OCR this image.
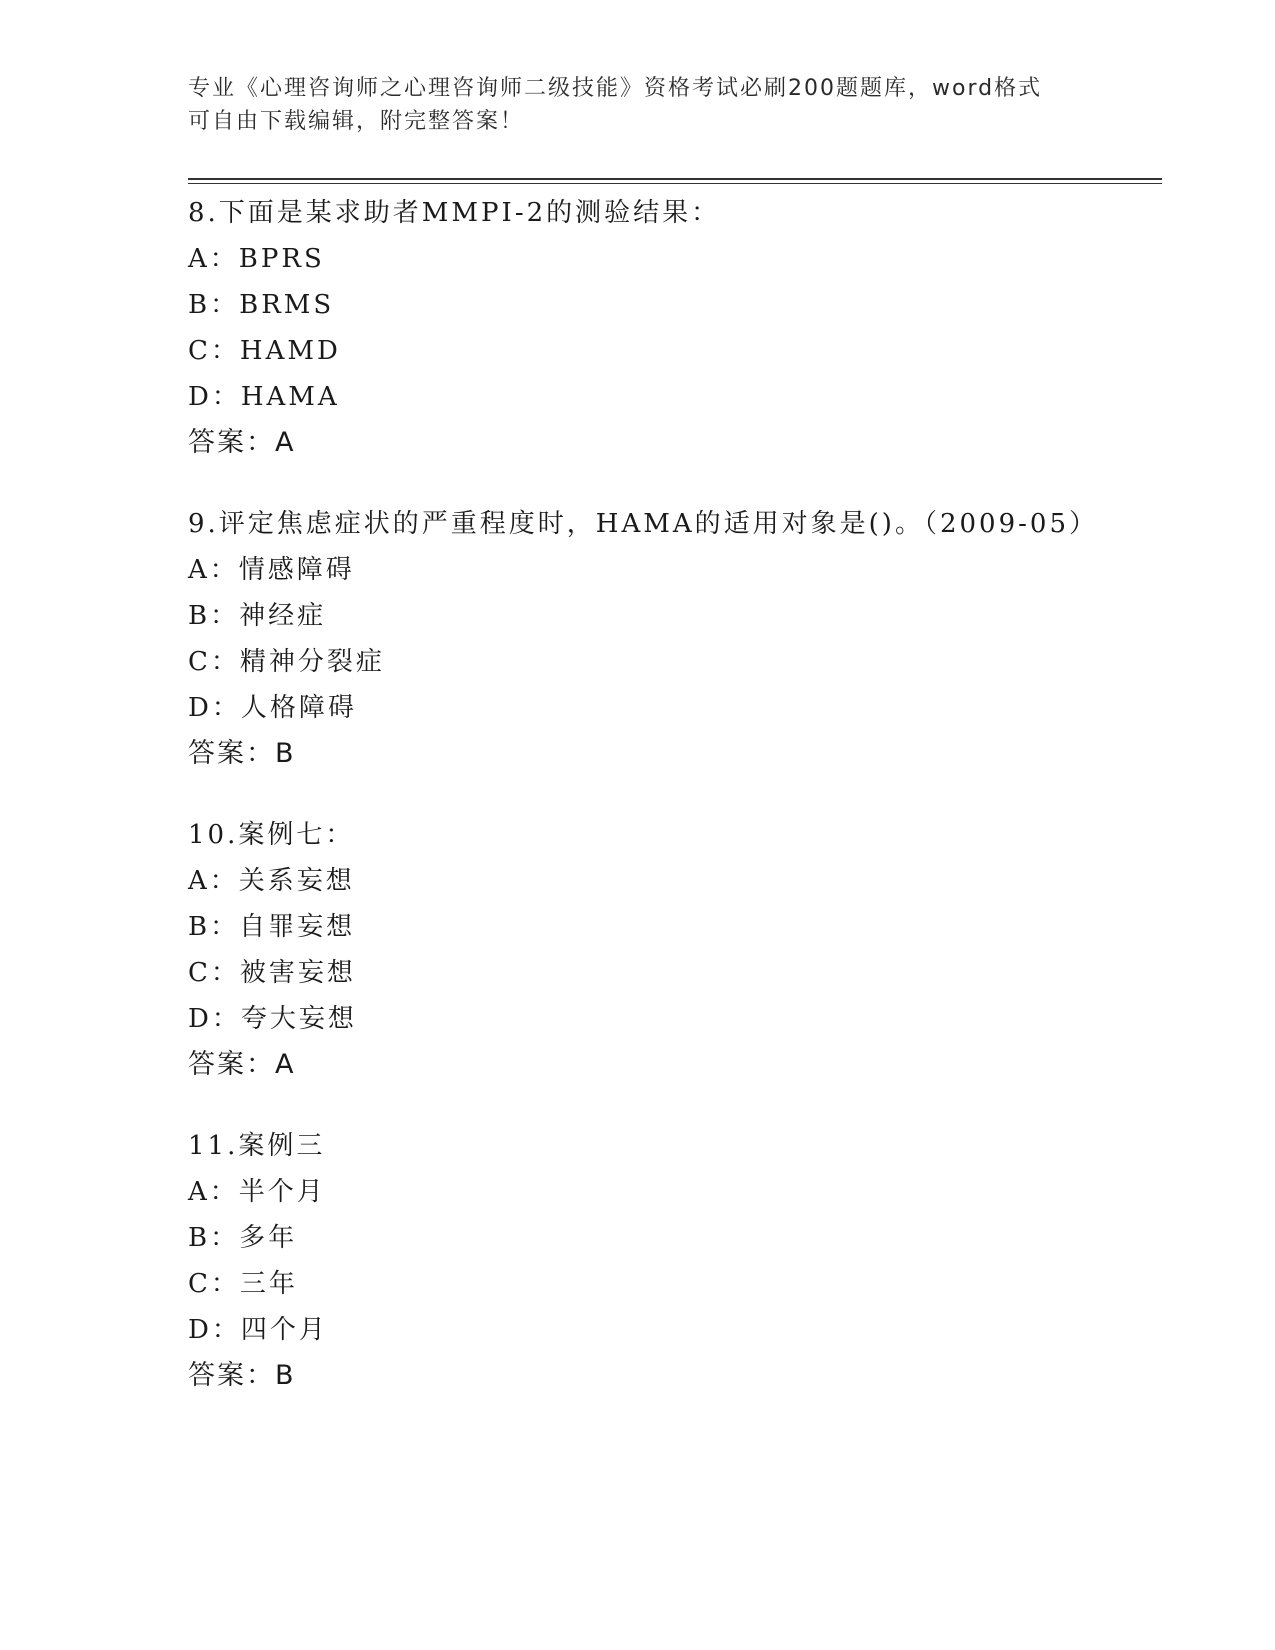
专业《心理咨询师之心理咨询师二级技能》资格考试必刷200题题库，word格式
可自由下载编辑，附完整答案！
8.下面是某求助者MMPI-2的测验结果：
A：BPRS
B：BRMS
C：HAMD
D：HAMA
答案：A
9.评定焦虑症状的严重程度时，HAMA的适用对象是()。（2009-05）
A：情感障碍
B：神经症
C：精神分裂症
D：人格障碍
答案：B
10.案例七：
A：关系妄想
B：自罪妄想
C：被害妄想
D：夸大妄想
答案：A
11.案例三
A：半个月
B：多年
C：三年
D：四个月
答案：B
